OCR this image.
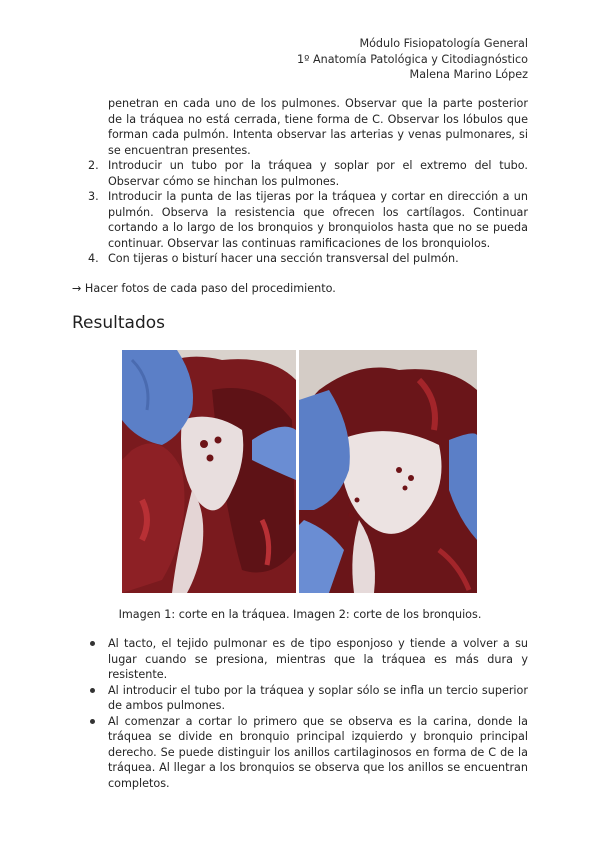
Módulo Fisiopatología General
1º Anatomía Patológica y Citodiagnóstico
Malena Marino López
penetran en cada uno de los pulmones. Observar que la parte posterior de la tráquea no está cerrada, tiene forma de C. Observar los lóbulos que forman cada pulmón. Intenta observar las arterias y venas pulmonares, si se encuentran presentes.
2. Introducir un tubo por la tráquea y soplar por el extremo del tubo. Observar cómo se hinchan los pulmones.
3. Introducir la punta de las tijeras por la tráquea y cortar en dirección a un pulmón. Observa la resistencia que ofrecen los cartílagos. Continuar cortando a lo largo de los bronquios y bronquiolos hasta que no se pueda continuar. Observar las continuas ramificaciones de los bronquiolos.
4. Con tijeras o bisturí hacer una sección transversal del pulmón.
→ Hacer fotos de cada paso del procedimiento.
Resultados
Imagen 1: corte en la tráquea. Imagen 2: corte de los bronquios.
Al tacto, el tejido pulmonar es de tipo esponjoso y tiende a volver a su lugar cuando se presiona, mientras que la tráquea es más dura y resistente.
Al introducir el tubo por la tráquea y soplar sólo se infla un tercio superior de ambos pulmones.
Al comenzar a cortar lo primero que se observa es la carina, donde la tráquea se divide en bronquio principal izquierdo y bronquio principal derecho. Se puede distinguir los anillos cartilaginosos en forma de C de la tráquea. Al llegar a los bronquios se observa que los anillos se encuentran completos.
